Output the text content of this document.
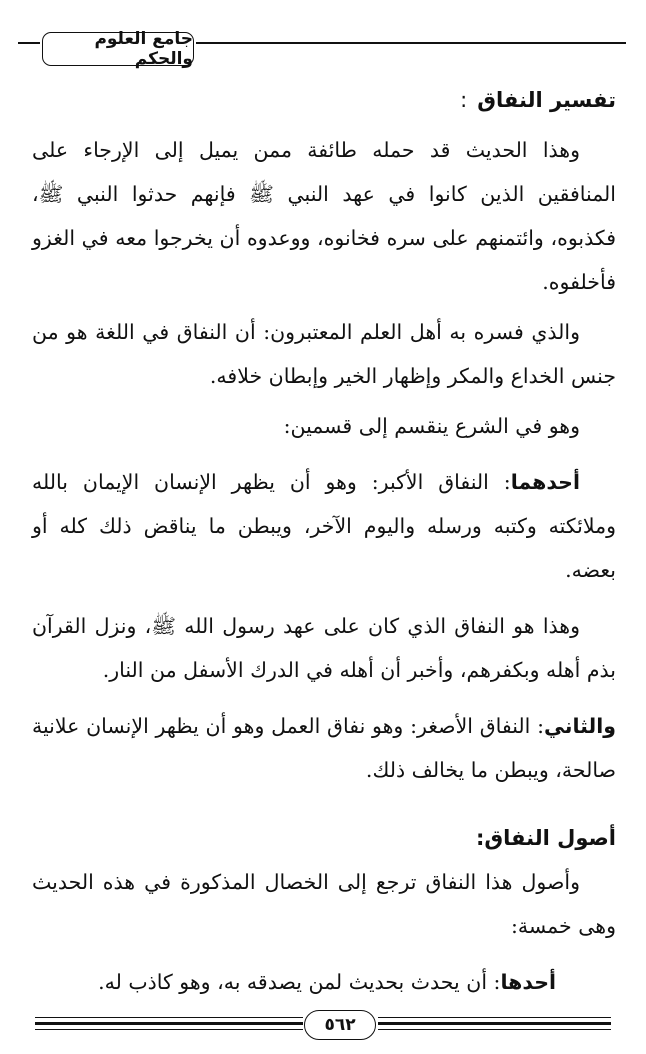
جامع العلوم والحكم

تفسير النفاق:

وهذا الحديث قد حمله طائفة ممن يميل إلى الإرجاء على المنافقين الذين كانوا في عهد النبي ﷺ فإنهم حدثوا النبي ﷺ، فكذبوه، وائتمنهم على سره فخانوه، ووعدوه أن يخرجوا معه في الغزو فأخلفوه.

والذي فسره به أهل العلم المعتبرون: أن النفاق في اللغة هو من جنس الخداع والمكر وإظهار الخير وإبطان خلافه.

وهو في الشرع ينقسم إلى قسمين:

أحدهما: النفاق الأكبر: وهو أن يظهر الإنسان الإيمان بالله وملائكته وكتبه ورسله واليوم الآخر، ويبطن ما يناقض ذلك كله أو بعضه.

وهذا هو النفاق الذي كان على عهد رسول الله ﷺ، ونزل القرآن بذم أهله وبكفرهم، وأخبر أن أهله في الدرك الأسفل من النار.

والثاني: النفاق الأصغر: وهو نفاق العمل وهو أن يظهر الإنسان علانية صالحة، ويبطن ما يخالف ذلك.

أصول النفاق:

وأصول هذا النفاق ترجع إلى الخصال المذكورة في هذه الحديث وهى خمسة:

أحدها: أن يحدث بحديث لمن يصدقه به، وهو كاذب له.

٥٦٢
